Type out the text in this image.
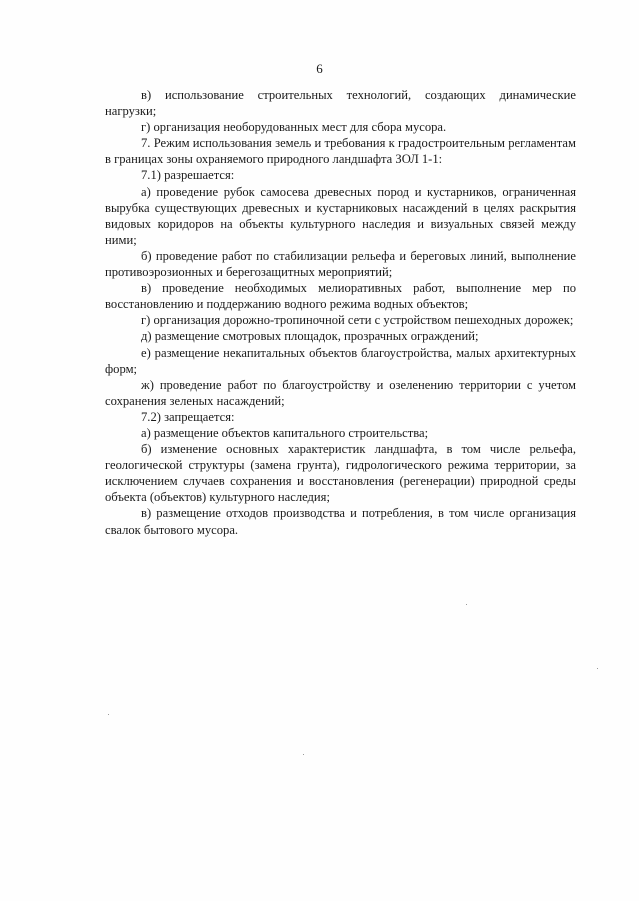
6

в) использование строительных технологий, создающих динамические нагрузки;

г) организация необорудованных мест для сбора мусора.

7. Режим использования земель и требования к градостроительным регламентам в границах зоны охраняемого природного ландшафта ЗОЛ 1-1:

7.1) разрешается:

а) проведение рубок самосева древесных пород и кустарников, ограниченная вырубка существующих древесных и кустарниковых насаждений в целях раскрытия видовых коридоров на объекты культурного наследия и визуальных связей между ними;

б) проведение работ по стабилизации рельефа и береговых линий, выполнение противоэрозионных и берегозащитных мероприятий;

в) проведение необходимых мелиоративных работ, выполнение мер по восстановлению и поддержанию водного режима водных объектов;

г) организация дорожно-тропиночной сети с устройством пешеходных дорожек;

д) размещение смотровых площадок, прозрачных ограждений;

е) размещение некапитальных объектов благоустройства, малых архитектурных форм;

ж) проведение работ по благоустройству и озеленению территории с учетом сохранения зеленых насаждений;

7.2) запрещается:

а) размещение объектов капитального строительства;

б) изменение основных характеристик ландшафта, в том числе рельефа, геологической структуры (замена грунта), гидрологического режима территории, за исключением случаев сохранения и восстановления (регенерации) природной среды объекта (объектов) культурного наследия;

в) размещение отходов производства и потребления, в том числе организация свалок бытового мусора.
